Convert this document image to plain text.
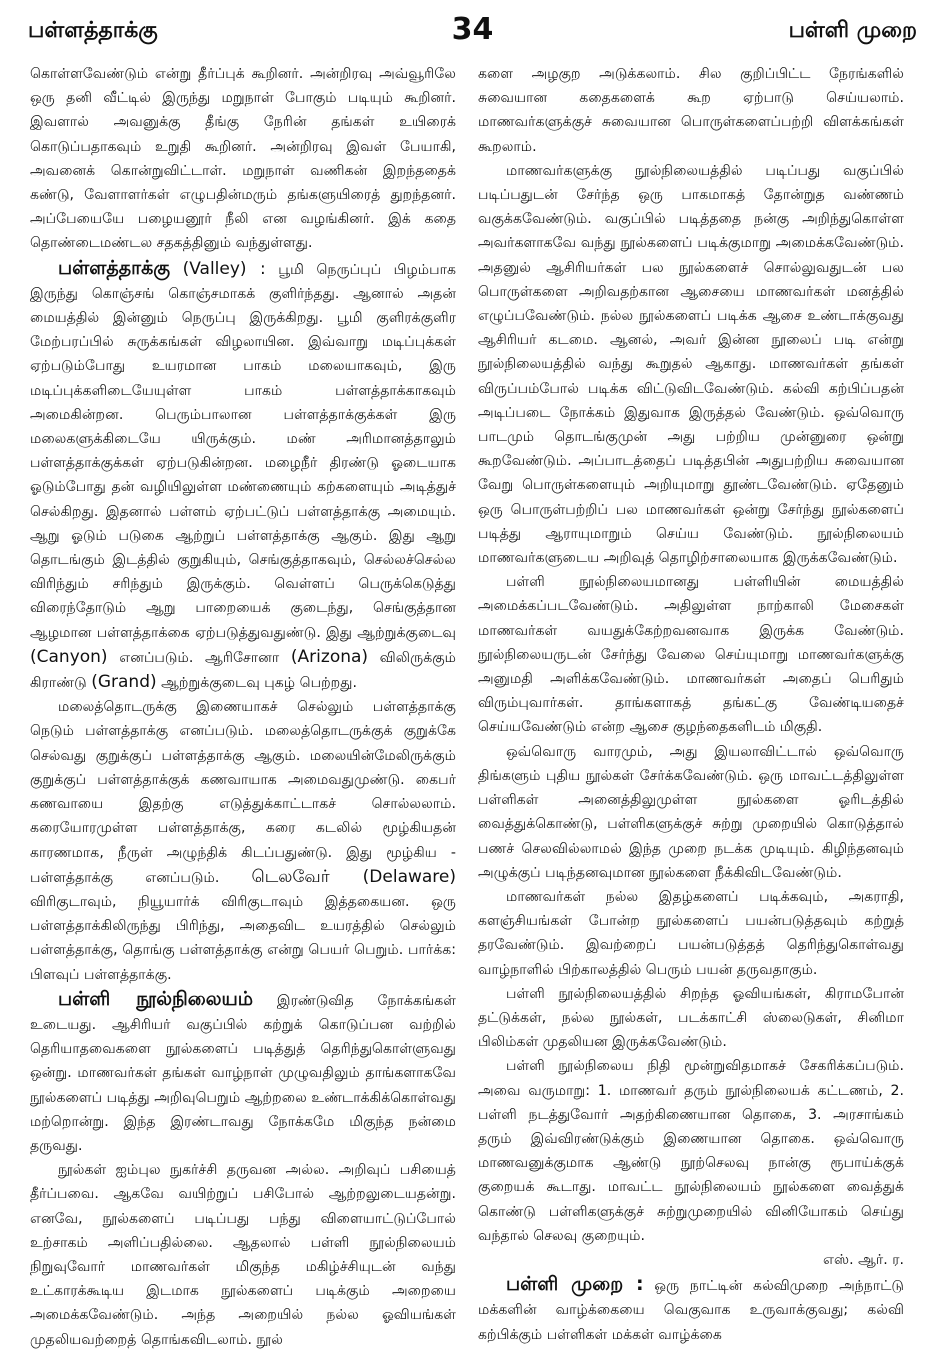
பள்ளத்தாக்கு	34	பள்ளி முறை

கொள்ளவேண்டும் என்று தீர்ப்புக் கூறினர். அன்றிரவு அவ்வூரிலே ஒரு தனி வீட்டில் இருந்து மறுநாள் போகும் படியும் கூறினர். இவளால் அவனுக்கு தீங்கு நேரின் தங்கள் உயிரைக் கொடுப்பதாகவும் உறுதி கூறினர். அன்றிரவு இவள் பேயாகி, அவனைக் கொன்றுவிட்டாள். மறுநாள் வணிகன் இறந்ததைக் கண்டு, வேளாளர்கள் எழுபதின்மரும் தங்களுயிரைத் துறந்தனர். அப்பேயையே பழையனூர் நீலி என வழங்கினர். இக் கதை தொண்டைமண்டல சதகத்தினும் வந்துள்ளது.

பள்ளத்தாக்கு (Valley) : பூமி நெருப்புப் பிழம்பாக இருந்து கொஞ்சங் கொஞ்சமாகக் குளிர்ந்தது. ஆனால் அதன் மையத்தில் இன்னும் நெருப்பு இருக்கிறது. பூமி குளிரக்குளிர மேற்பரப்பில் சுருக்கங்கள் விழலாயின. இவ்வாறு மடிப்புக்கள் ஏற்படும்போது உயரமான பாகம் மலையாகவும், இரு மடிப்புக்களிடையேயுள்ள பாகம் பள்ளத்தாக்காகவும் அமைகின்றன. பெரும்பாலான பள்ளத்தாக்குக்கள் இரு மலைகளுக்கிடையே யிருக்கும். மண் அரிமானத்தாலும் பள்ளத்தாக்குக்கள் ஏற்படுகின்றன. மழைநீர் திரண்டு ஓடையாக ஓடும்போது தன் வழியிலுள்ள மண்ணையும் கற்களையும் அடித்துச் செல்கிறது. இதனால் பள்ளம் ஏற்பட்டுப் பள்ளத்தாக்கு அமையும். ஆறு ஓடும் படுகை ஆற்றுப் பள்ளத்தாக்கு ஆகும். இது ஆறு தொடங்கும் இடத்தில் குறுகியும், செங்குத்தாகவும், செல்லச்செல்ல விரிந்தும் சரிந்தும் இருக்கும். வெள்ளப் பெருக்கெடுத்து விரைந்தோடும் ஆறு பாறையைக் குடைந்து, செங்குத்தான ஆழமான பள்ளத்தாக்கை ஏற்படுத்துவதுண்டு. இது ஆற்றுக்குடைவு (Canyon) எனப்படும். ஆரிசோனா (Arizona) விலிருக்கும் கிராண்டு (Grand) ஆற்றுக்குடைவு புகழ் பெற்றது.

மலைத்தொடருக்கு இணையாகச் செல்லும் பள்ளத்தாக்கு நெடும் பள்ளத்தாக்கு எனப்படும். மலைத்தொடருக்குக் குறுக்கே செல்வது குறுக்குப் பள்ளத்தாக்கு ஆகும். மலையின்மேலிருக்கும் குறுக்குப் பள்ளத்தாக்குக் கணவாயாக அமைவதுமுண்டு. கைபர் கணவாயை இதற்கு எடுத்துக்காட்டாகச் சொல்லலாம். கரையோரமுள்ள பள்ளத்தாக்கு, கரை கடலில் மூழ்கியதன் காரணமாக, நீருள் அழுந்திக் கிடப்பதுண்டு. இது மூழ்கிய - பள்ளத்தாக்கு எனப்படும். டெலவேர் (Delaware) விரிகுடாவும், நியூயார்க் விரிகுடாவும் இத்தகையன. ஒரு பள்ளத்தாக்கிலிருந்து பிரிந்து, அதைவிட உயரத்தில் செல்லும் பள்ளத்தாக்கு, தொங்கு பள்ளத்தாக்கு என்று பெயர் பெறும். பார்க்க: பிளவுப் பள்ளத்தாக்கு.

பள்ளி நூல்நிலையம் இரண்டுவித நோக்கங்கள் உடையது. ஆசிரியர் வகுப்பில் கற்றுக் கொடுப்பன வற்றில் தெரியாதவைகளை நூல்களைப் படித்துத் தெரிந்துகொள்ளுவது ஒன்று. மாணவர்கள் தங்கள் வாழ்நாள் முழுவதிலும் தாங்களாகவே நூல்களைப் படித்து அறிவுபெறும் ஆற்றலை உண்டாக்கிக்கொள்வது மற்றொன்று. இந்த இரண்டாவது நோக்கமே மிகுந்த நன்மை தருவது.

நூல்கள் ஐம்புல நுகர்ச்சி தருவன அல்ல. அறிவுப் பசியைத் தீர்ப்பவை. ஆகவே வயிற்றுப் பசிபோல் ஆற்றலுடையதன்று. எனவே, நூல்களைப் படிப்பது பந்து விளையாட்டுப்போல் உற்சாகம் அளிப்பதில்லை. ஆதலால் பள்ளி நூல்நிலையம் நிறுவுவோர் மாணவர்கள் மிகுந்த மகிழ்ச்சியுடன் வந்து உட்காரக்கூடிய இடமாக நூல்களைப் படிக்கும் அறையை அமைக்கவேண்டும். அந்த அறையில் நல்ல ஓவியங்கள் முதலியவற்றைத் தொங்கவிடலாம். நூல்

களை அழகுற அடுக்கலாம். சில குறிப்பிட்ட நேரங்களில் சுவையான கதைகளைக் கூற ஏற்பாடு செய்யலாம். மாணவர்களுக்குச் சுவையான பொருள்களைப்பற்றி விளக்கங்கள் கூறலாம்.

மாணவர்களுக்கு நூல்நிலையத்தில் படிப்பது வகுப்பில் படிப்பதுடன் சேர்ந்த ஒரு பாகமாகத் தோன்றுத வண்ணம் வகுக்கவேண்டும். வகுப்பில் படித்ததை நன்கு அறிந்துகொள்ள அவர்களாகவே வந்து நூல்களைப் படிக்குமாறு அமைக்கவேண்டும். அதனுல் ஆசிரியர்கள் பல நூல்களைச் சொல்லுவதுடன் பல பொருள்களை அறிவதற்கான ஆசையை மாணவர்கள் மனத்தில் எழுப்பவேண்டும். நல்ல நூல்களைப் படிக்க ஆசை உண்டாக்குவது ஆசிரியர் கடமை. ஆனல், அவர் இன்ன நூலைப் படி என்று நூல்நிலையத்தில் வந்து கூறுதல் ஆகாது. மாணவர்கள் தங்கள் விருப்பம்போல் படிக்க விட்டுவிடவேண்டும். கல்வி கற்பிப்பதன் அடிப்படை நோக்கம் இதுவாக இருத்தல் வேண்டும். ஒவ்வொரு பாடமும் தொடங்குமுன் அது பற்றிய முன்னுரை ஒன்று கூறவேண்டும். அப்பாடத்தைப் படித்தபின் அதுபற்றிய சுவையான வேறு பொருள்களையும் அறியுமாறு தூண்டவேண்டும். ஏதேனும் ஒரு பொருள்பற்றிப் பல மாணவர்கள் ஒன்று சேர்ந்து நூல்களைப் படித்து ஆராயுமாறும் செய்ய வேண்டும். நூல்நிலையம் மாணவர்களுடைய அறிவுத் தொழிற்சாலையாக இருக்கவேண்டும்.

பள்ளி நூல்நிலையமானது பள்ளியின் மையத்தில் அமைக்கப்படவேண்டும். அதிலுள்ள நாற்காலி மேசைகள் மாணவர்கள் வயதுக்கேற்றவனவாக இருக்க வேண்டும். நூல்நிலையருடன் சேர்ந்து வேலை செய்யுமாறு மாணவர்களுக்கு அனுமதி அளிக்கவேண்டும். மாணவர்கள் அதைப் பெரிதும் விரும்புவார்கள். தாங்களாகத் தங்கட்கு வேண்டியதைச் செய்யவேண்டும் என்ற ஆசை குழந்தைகளிடம் மிகுதி.

ஒவ்வொரு வாரமும், அது இயலாவிட்டால் ஒவ்வொரு திங்களும் புதிய நூல்கள் சேர்க்கவேண்டும். ஒரு மாவட்டத்திலுள்ள பள்ளிகள் அனைத்திலுமுள்ள நூல்களை ஓரிடத்தில் வைத்துக்கொண்டு, பள்ளிகளுக்குச் சுற்று முறையில் கொடுத்தால் பணச் செலவில்லாமல் இந்த முறை நடக்க முடியும். கிழிந்தனவும் அழுக்குப் படிந்தனவுமான நூல்களை நீக்கிவிடவேண்டும்.

மாணவர்கள் நல்ல இதழ்களைப் படிக்கவும், அகராதி, களஞ்சியங்கள் போன்ற நூல்களைப் பயன்படுத்தவும் கற்றுத் தரவேண்டும். இவற்றைப் பயன்படுத்தத் தெரிந்துகொள்வது வாழ்நாளில் பிற்காலத்தில் பெரும் பயன் தருவதாகும்.

பள்ளி நூல்நிலையத்தில் சிறந்த ஓவியங்கள், கிராமபோன் தட்டுக்கள், நல்ல நூல்கள், படக்காட்சி ஸ்லைடுகள், சினிமா பிலிம்கள் முதலியன இருக்கவேண்டும்.

பள்ளி நூல்நிலைய நிதி மூன்றுவிதமாகச் சேகரிக்கப்படும். அவை வருமாறு: 1. மாணவர் தரும் நூல்நிலையக் கட்டணம், 2. பள்ளி நடத்துவோர் அதற்கிணையான தொகை, 3. அரசாங்கம் தரும் இவ்விரண்டுக்கும் இணையான தொகை. ஒவ்வொரு மாணவனுக்குமாக ஆண்டு நூற்செலவு நான்கு ரூபாய்க்குக் குறையக் கூடாது. மாவட்ட நூல்நிலையம் நூல்களை வைத்துக் கொண்டு பள்ளிகளுக்குச் சுற்றுமுறையில் வினியோகம் செய்து வந்தால் செலவு குறையும்.
எஸ். ஆர். ர.

பள்ளி முறை : ஒரு நாட்டின் கல்விமுறை அந்நாட்டு மக்களின் வாழ்க்கையை வெகுவாக உருவாக்குவது; கல்வி கற்பிக்கும் பள்ளிகள் மக்கள் வாழ்க்கை
